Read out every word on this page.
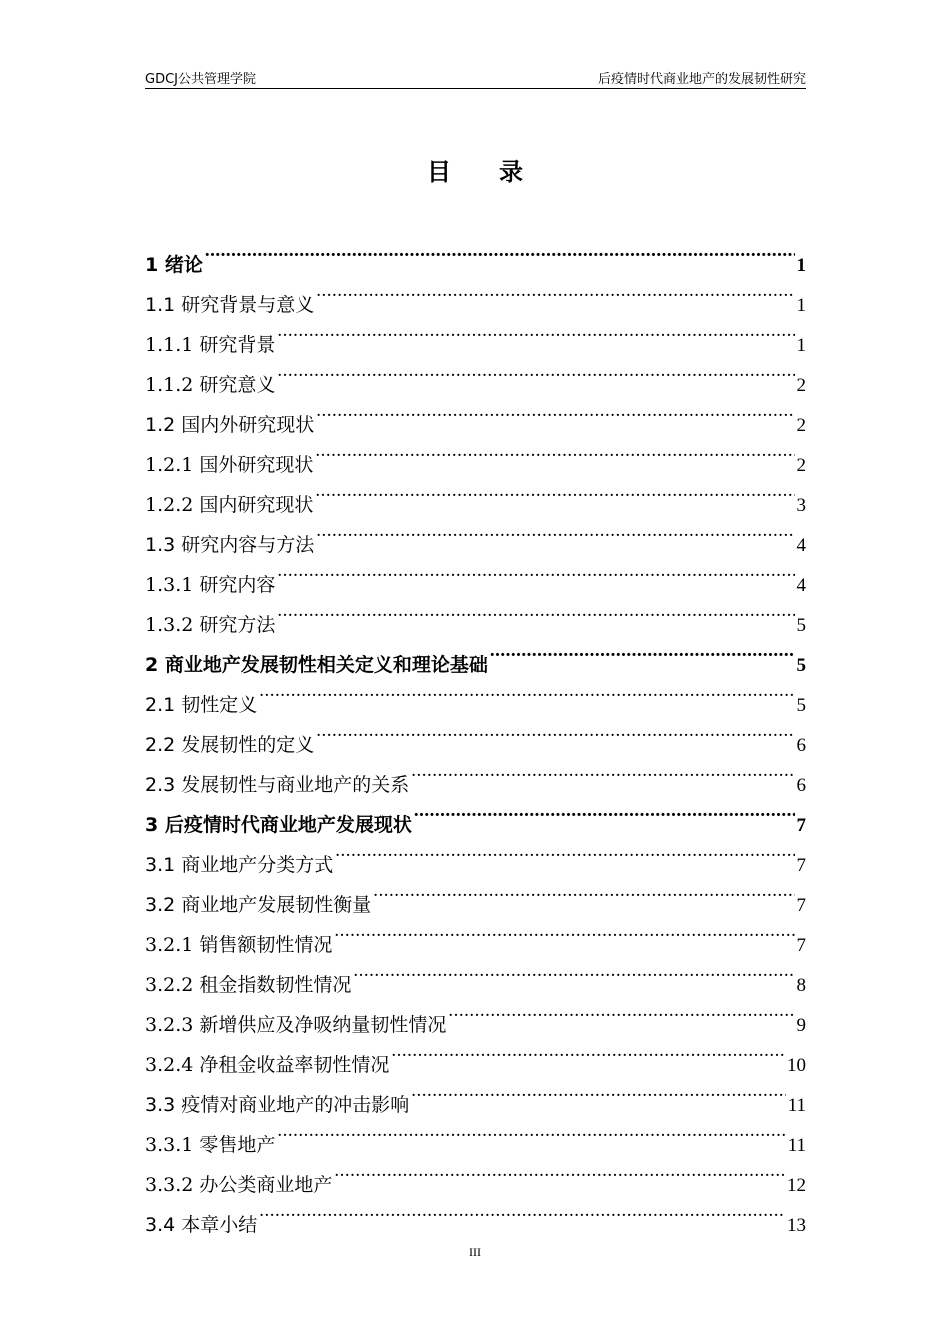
GDCJ公共管理学院	后疫情时代商业地产的发展韧性研究
目录
1 绪论 .....	1
1.1 研究背景与意义 .....	1
1.1.1 研究背景 .....	1
1.1.2 研究意义 .....	2
1.2 国内外研究现状 .....	2
1.2.1 国外研究现状 .....	2
1.2.2 国内研究现状 .....	3
1.3 研究内容与方法 .....	4
1.3.1 研究内容 .....	4
1.3.2 研究方法 .....	5
2 商业地产发展韧性相关定义和理论基础 .....	5
2.1 韧性定义 .....	5
2.2 发展韧性的定义 .....	6
2.3 发展韧性与商业地产的关系 .....	6
3 后疫情时代商业地产发展现状 .....	7
3.1 商业地产分类方式 .....	7
3.2 商业地产发展韧性衡量 .....	7
3.2.1 销售额韧性情况 .....	7
3.2.2 租金指数韧性情况 .....	8
3.2.3 新增供应及净吸纳量韧性情况 .....	9
3.2.4 净租金收益率韧性情况 .....	10
3.3 疫情对商业地产的冲击影响 .....	11
3.3.1 零售地产 .....	11
3.3.2 办公类商业地产 .....	12
3.4 本章小结 .....	13
III
